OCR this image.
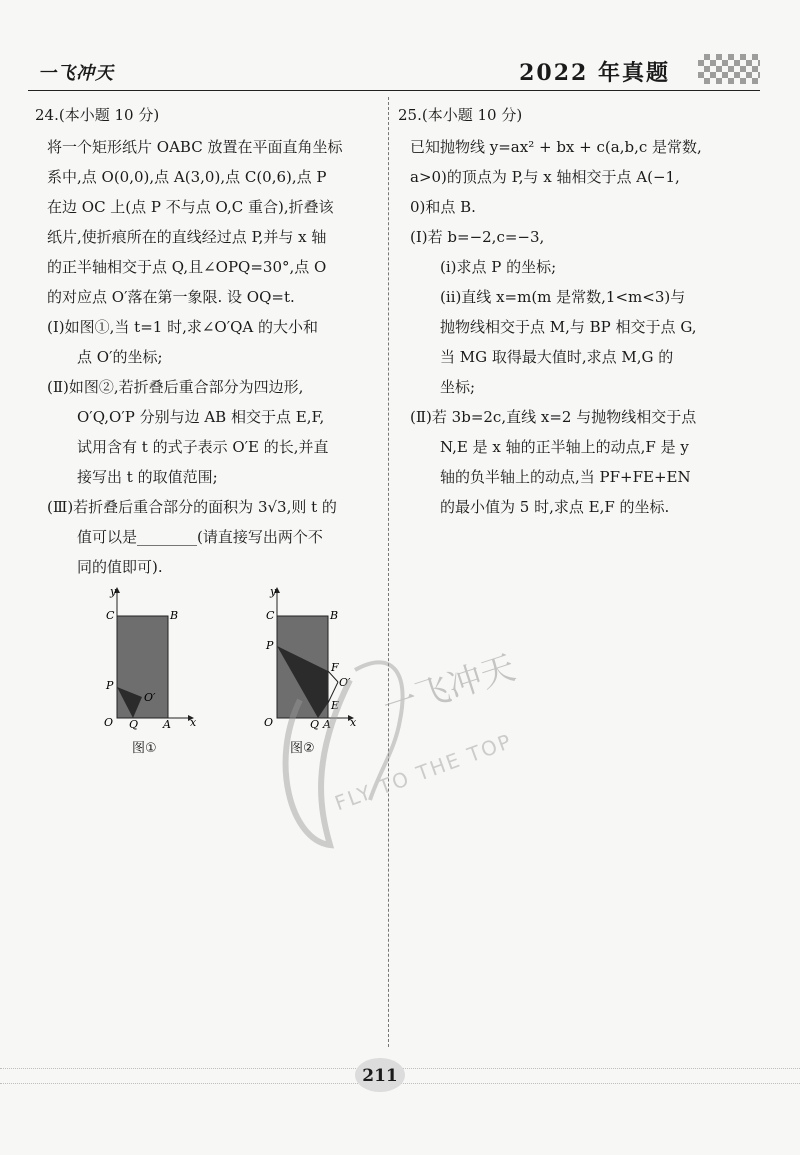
一飞冲天	2022 年真题

24.(本小题 10 分)

将一个矩形纸片 OABC 放置在平面直角坐标

系中,点 O(0,0),点 A(3,0),点 C(0,6),点 P

在边 OC 上(点 P 不与点 O,C 重合),折叠该

纸片,使折痕所在的直线经过点 P,并与 x 轴

的正半轴相交于点 Q,且∠OPQ=30°,点 O

的对应点 O′落在第一象限. 设 OQ=t.

(Ⅰ)如图①,当 t=1 时,求∠O′QA 的大小和

点 O′的坐标;

(Ⅱ)如图②,若折叠后重合部分为四边形,

O′Q,O′P 分别与边 AB 相交于点 E,F,

试用含有 t 的式子表示 O′E 的长,并直

接写出 t 的取值范围;

(Ⅲ)若折叠后重合部分的面积为 3√3,则 t 的

值可以是________(请直接写出两个不

同的值即可).

y
x
O Q A
C	B
P
O′
y
x
O	Q A
C	B
P
F
O′
E
图①	图②

25.(本小题 10 分)

已知抛物线 y=ax² + bx + c(a,b,c 是常数,

a>0)的顶点为 P,与 x 轴相交于点 A(−1,

0)和点 B.

(Ⅰ)若 b=−2,c=−3,

(ⅰ)求点 P 的坐标;

(ⅱ)直线 x=m(m 是常数,1<m<3)与

抛物线相交于点 M,与 BP 相交于点 G,

当 MG 取得最大值时,求点 M,G 的

坐标;

(Ⅱ)若 3b=2c,直线 x=2 与抛物线相交于点

N,E 是 x 轴的正半轴上的动点,F 是 y

轴的负半轴上的动点,当 PF+FE+EN

的最小值为 5 时,求点 E,F 的坐标.

一飞冲天
FLY TO THE TOP
211
